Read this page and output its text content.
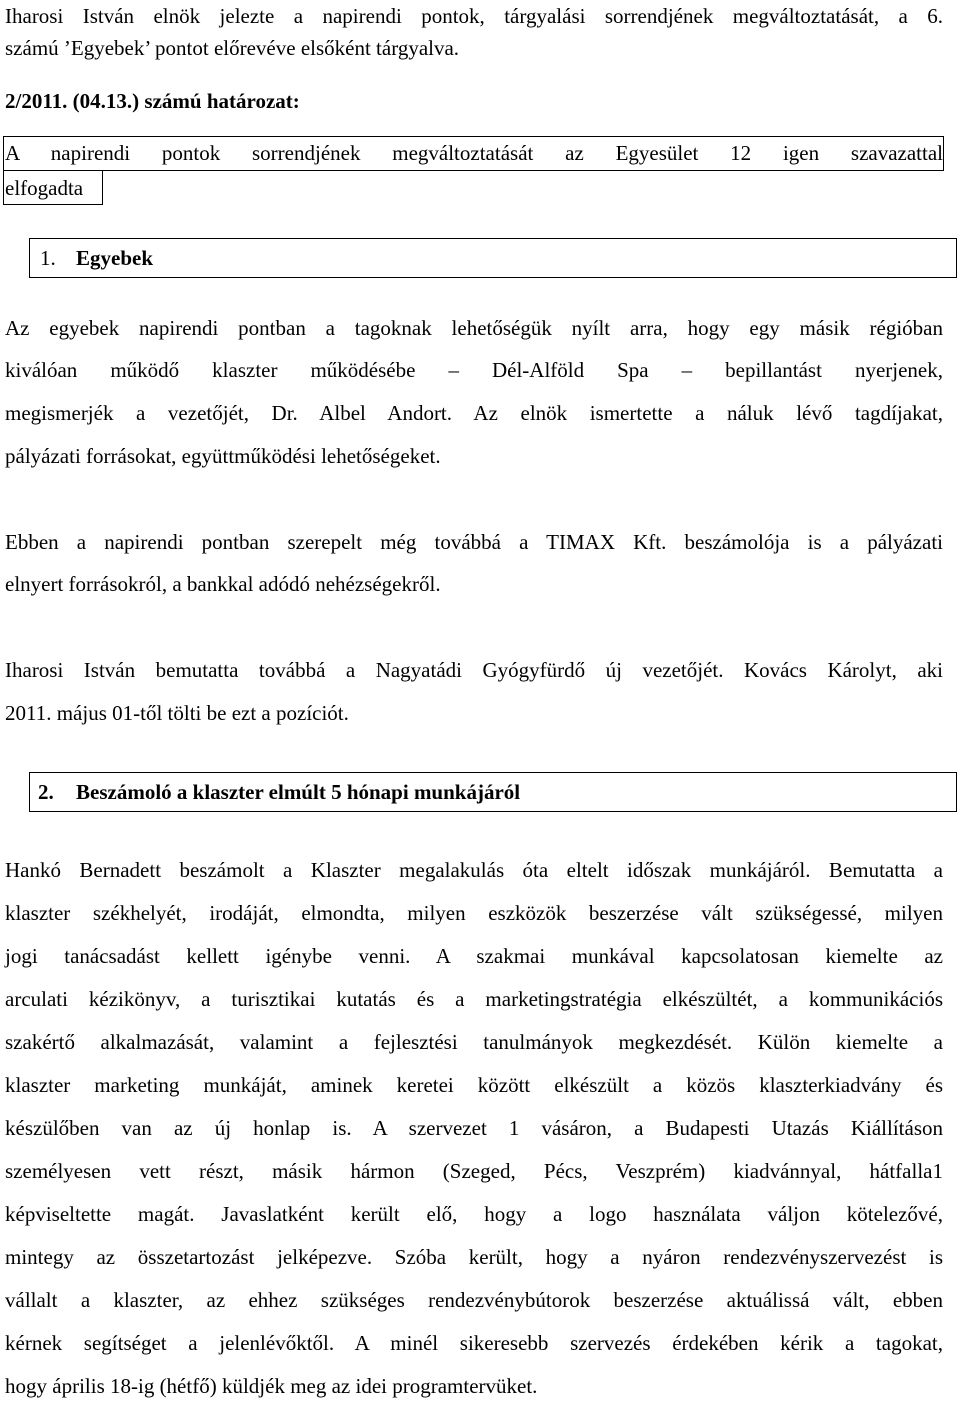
Iharosi István elnök jelezte a napirendi pontok, tárgyalási sorrendjének megváltoztatását, a 6.
számú ’Egyebek’ pontot előrevéve elsőként tárgyalva.
2/2011. (04.13.) számú határozat:
A napirendi pontok sorrendjének megváltoztatását az Egyesület 12 igen szavazattal
elfogadta
1. Egyebek
Az egyebek napirendi pontban a tagoknak lehetőségük nyílt arra, hogy egy másik régióban
kiválóan működő klaszter működésébe – Dél-Alföld Spa – bepillantást nyerjenek,
megismerjék a vezetőjét, Dr. Albel Andort. Az elnök ismertette a náluk lévő tagdíjakat,
pályázati forrásokat, együttműködési lehetőségeket.
Ebben a napirendi pontban szerepelt még továbbá a TIMAX Kft. beszámolója is a pályázati
elnyert forrásokról, a bankkal adódó nehézségekről.
Iharosi István bemutatta továbbá a Nagyatádi Gyógyfürdő új vezetőjét. Kovács Károlyt, aki
2011. május 01-től tölti be ezt a pozíciót.
2. Beszámoló a klaszter elmúlt 5 hónapi munkájáról
Hankó Bernadett beszámolt a Klaszter megalakulás óta eltelt időszak munkájáról. Bemutatta a
klaszter székhelyét, irodáját, elmondta, milyen eszközök beszerzése vált szükségessé, milyen
jogi tanácsadást kellett igénybe venni. A szakmai munkával kapcsolatosan kiemelte az
arculati kézikönyv, a turisztikai kutatás és a marketingstratégia elkészültét, a kommunikációs
szakértő alkalmazását, valamint a fejlesztési tanulmányok megkezdését. Külön kiemelte a
klaszter marketing munkáját, aminek keretei között elkészült a közös klaszterkiadvány és
készülőben van az új honlap is. A szervezet 1 vásáron, a Budapesti Utazás Kiállításon
személyesen vett részt, másik hármon (Szeged, Pécs, Veszprém) kiadvánnyal, hátfalla1
képviseltette magát. Javaslatként került elő, hogy a logo használata váljon kötelezővé,
mintegy az összetartozást jelképezve. Szóba került, hogy a nyáron rendezvényszervezést is
vállalt a klaszter, az ehhez szükséges rendezvénybútorok beszerzése aktuálissá vált, ebben
kérnek segítséget a jelenlévőktől. A minél sikeresebb szervezés érdekében kérik a tagokat,
hogy április 18-ig (hétfő) küldjék meg az idei programtervüket.
